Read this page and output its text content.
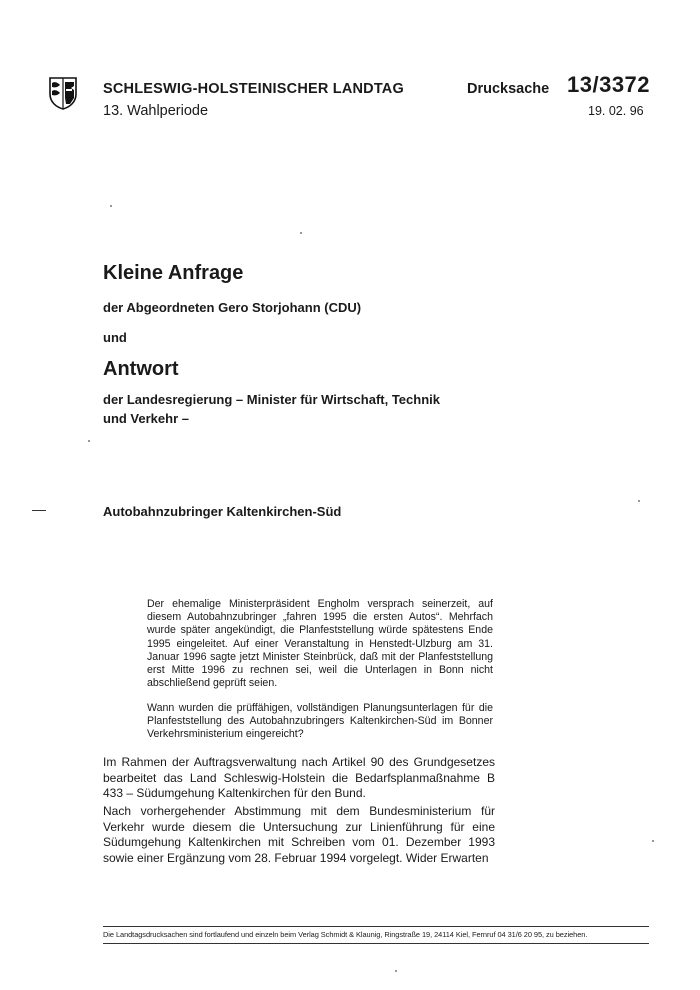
SCHLESWIG-HOLSTEINISCHER LANDTAG
13. Wahlperiode
Drucksache 13/3372
19. 02. 96
Kleine Anfrage
der Abgeordneten Gero Storjohann (CDU)
und
Antwort
der Landesregierung – Minister für Wirtschaft, Technik und Verkehr –
Autobahnzubringer Kaltenkirchen-Süd
Der ehemalige Ministerpräsident Engholm versprach seinerzeit, auf diesem Autobahnzubringer „fahren 1995 die ersten Autos“. Mehrfach wurde später angekündigt, die Planfeststellung würde spätestens Ende 1995 eingeleitet. Auf einer Veranstaltung in Henstedt-Ulzburg am 31. Januar 1996 sagte jetzt Minister Steinbrück, daß mit der Planfeststellung erst Mitte 1996 zu rechnen sei, weil die Unterlagen in Bonn nicht abschließend geprüft seien.
Wann wurden die prüffähigen, vollständigen Planungsunterlagen für die Planfeststellung des Autobahnzubringers Kaltenkirchen-Süd im Bonner Verkehrsministerium eingereicht?
Im Rahmen der Auftragsverwaltung nach Artikel 90 des Grundgesetzes bearbeitet das Land Schleswig-Holstein die Bedarfsplanmaßnahme B 433 – Südumgehung Kaltenkirchen für den Bund.
Nach vorhergehender Abstimmung mit dem Bundesministerium für Verkehr wurde diesem die Untersuchung zur Linienführung für eine Südumgehung Kaltenkirchen mit Schreiben vom 01. Dezember 1993 sowie einer Ergänzung vom 28. Februar 1994 vorgelegt. Wider Erwarten
Die Landtagsdrucksachen sind fortlaufend und einzeln beim Verlag Schmidt & Klaunig, Ringstraße 19, 24114 Kiel, Fernruf 04 31/6 20 95, zu beziehen.
